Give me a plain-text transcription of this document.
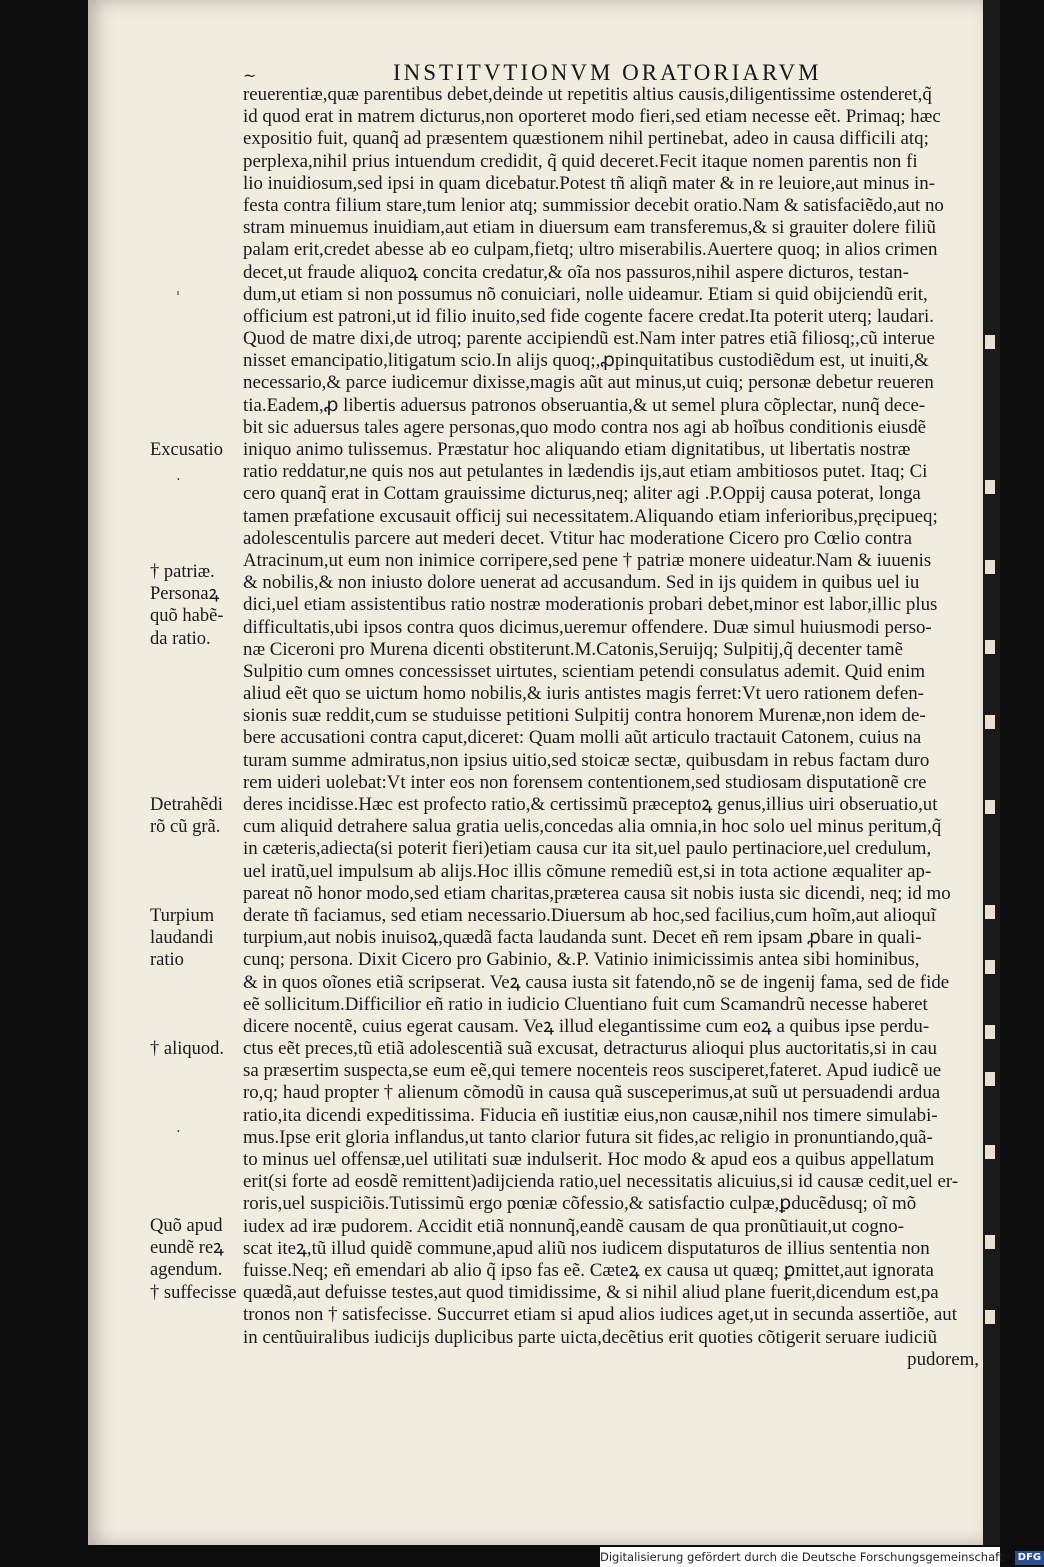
~	INSTITVTIONVM ORATORIARVM
reuerentiæ,quæ parentibus debet,deinde ut repetitis altius causis,diligentissime ostenderet,q̃
id quod erat in matrem dicturus,non oporteret modo fieri,sed etiam necesse eẽt. Primaq; hæc
expositio fuit, quanq̃ ad præsentem quæstionem nihil pertinebat, adeo in causa difficili atq;
perplexa,nihil prius intuendum credidit, q̃ quid deceret.Fecit itaque nomen parentis non fi
lio inuidiosum,sed ipsi in quam dicebatur.Potest tñ aliqñ mater & in re leuiore,aut minus in-
festa contra filium stare,tum lenior atq; summissior decebit oratio.Nam & satisfaciẽdo,aut no
stram minuemus inuidiam,aut etiam in diuersum eam transferemus,& si grauiter dolere filiũ
palam erit,credet abesse ab eo culpam,fietq; ultro miserabilis.Auertere quoq; in alios crimen
decet,ut fraude aliquoꝝ concita credatur,& oĩa nos passuros,nihil aspere dicturos, testan-
dum,ut etiam si non possumus nõ conuiciari, nolle uideamur. Etiam si quid obijciendũ erit,
officium est patroni,ut id filio inuito,sed fide cogente facere credat.Ita poterit uterq; laudari.
Quod de matre dixi,de utroq; parente accipiendũ est.Nam inter patres etiã filiosq;,cũ interue
nisset emancipatio,litigatum scio.In alijs quoq;,ꝓpinquitatibus custodiẽdum est, ut inuiti,&
necessario,& parce iudicemur dixisse,magis aũt aut minus,ut cuiq; personæ debetur reueren
tia.Eadem,ꝓ libertis aduersus patronos obseruantia,& ut semel plura cõplectar, nunq̃ dece-
bit sic aduersus tales agere personas,quo modo contra nos agi ab hoĩbus conditionis eiusdẽ
iniquo animo tulissemus. Præstatur hoc aliquando etiam dignitatibus, ut libertatis nostræ
ratio reddatur,ne quis nos aut petulantes in lædendis ijs,aut etiam ambitiosos putet. Itaq; Ci
cero quanq̃ erat in Cottam grauissime dicturus,neq; aliter agi .P.Oppij causa poterat, longa
tamen præfatione excusauit officij sui necessitatem.Aliquando etiam inferioribus,pręcipueq;
adolescentulis parcere aut mederi decet. Vtitur hac moderatione Cicero pro Cœlio contra
Atracinum,ut eum non inimice corripere,sed pene † patriæ monere uideatur.Nam & iuuenis
& nobilis,& non iniusto dolore uenerat ad accusandum. Sed in ijs quidem in quibus uel iu
dici,uel etiam assistentibus ratio nostræ moderationis probari debet,minor est labor,illic plus
difficultatis,ubi ipsos contra quos dicimus,ueremur offendere. Duæ simul huiusmodi perso-
næ Ciceroni pro Murena dicenti obstiterunt.M.Catonis,Seruijq; Sulpitij,q̃ decenter tamẽ
Sulpitio cum omnes concessisset uirtutes, scientiam petendi consulatus ademit. Quid enim
aliud eẽt quo se uictum homo nobilis,& iuris antistes magis ferret:Vt uero rationem defen-
sionis suæ reddit,cum se studuisse petitioni Sulpitij contra honorem Murenæ,non idem de-
bere accusationi contra caput,diceret: Quam molli aũt articulo tractauit Catonem, cuius na
turam summe admiratus,non ipsius uitio,sed stoicæ sectæ, quibusdam in rebus factam duro
rem uideri uolebat:Vt inter eos non forensem contentionem,sed studiosam disputationẽ cre
deres incidisse.Hæc est profecto ratio,& certissimũ præceptoꝝ genus,illius uiri obseruatio,ut
cum aliquid detrahere salua gratia uelis,concedas alia omnia,in hoc solo uel minus peritum,q̃
in cæteris,adiecta(si poterit fieri)etiam causa cur ita sit,uel paulo pertinaciore,uel credulum,
uel iratũ,uel impulsum ab alijs.Hoc illis cõmune remediũ est,si in tota actione æqualiter ap-
pareat nõ honor modo,sed etiam charitas,præterea causa sit nobis iusta sic dicendi, neq; id mo
derate tñ faciamus, sed etiam necessario.Diuersum ab hoc,sed facilius,cum hoĩm,aut alioquĩ
turpium,aut nobis inuisoꝝ,quædã facta laudanda sunt. Decet eñ rem ipsam ꝓbare in quali-
cunq; persona. Dixit Cicero pro Gabinio, &.P. Vatinio inimicissimis antea sibi hominibus,
& in quos oĩones etiã scripserat. Veꝝ causa iusta sit fatendo,nõ se de ingenij fama, sed de fide
eẽ sollicitum.Difficilior eñ ratio in iudicio Cluentiano fuit cum Scamandrũ necesse haberet
dicere nocentẽ, cuius egerat causam. Veꝝ illud elegantissime cum eoꝝ a quibus ipse perdu-
ctus eẽt preces,tũ etiã adolescentiã suã excusat, detracturus alioqui plus auctoritatis,si in cau
sa præsertim suspecta,se eum eẽ,qui temere nocenteis reos susciperet,fateret. Apud iudicẽ ue
ro,q; haud propter † alienum cõmodũ in causa quã susceperimus,at suũ ut persuadendi ardua
ratio,ita dicendi expeditissima. Fiducia eñ iustitiæ eius,non causæ,nihil nos timere simulabi-
mus.Ipse erit gloria inflandus,ut tanto clarior futura sit fides,ac religio in pronuntiando,quã-
to minus uel offensæ,uel utilitati suæ indulserit. Hoc modo & apud eos a quibus appellatum
erit(si forte ad eosdẽ remittent)adijcienda ratio,uel necessitatis alicuius,si id causæ cedit,uel er-
roris,uel suspiciõis.Tutissimũ ergo pœniæ cõfessio,& satisfactio culpæ,ꝑducẽdusq; oĩ mõ
iudex ad iræ pudorem. Accidit etiã nonnunq̃,eandẽ causam de qua pronũtiauit,ut cogno-
scat iteꝝ,tũ illud quidẽ commune,apud aliũ nos iudicem disputaturos de illius sententia non
fuisse.Neq; eñ emendari ab alio q̃ ipso fas eẽ. Cæteꝝ ex causa ut quæq; ꝑmittet,aut ignorata
quædã,aut defuisse testes,aut quod timidissime, & si nihil aliud plane fuerit,dicendum est,pa
tronos non † satisfecisse. Succurret etiam si apud alios iudices aget,ut in secunda assertiõe, aut
in centũuiralibus iudicijs duplicibus parte uicta,decẽtius erit quoties cõtigerit seruare iudiciũ
pudorem,
Excusatio
† patriæ.
Personaꝝ
quõ habẽ-
da ratio.
Detrahẽdi
rõ cũ grã.
Turpium
laudandi
ratio
† aliquod.
Quõ apud
eundẽ reꝝ
agendum.
† suffecisse
'
·
·
Digitalisierung gefördert durch die Deutsche Forschungsgemeinschaft · DFG
